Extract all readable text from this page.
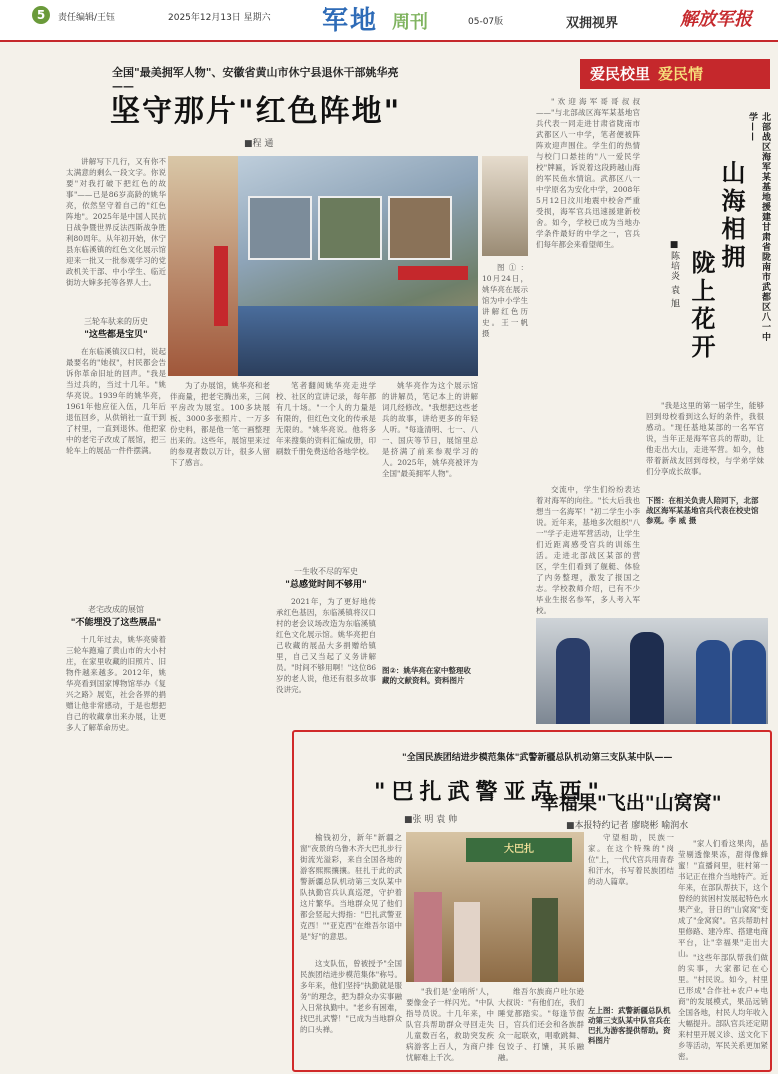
5	责任编辑/王钰	2025年12月13日 星期六 军地 周刊	05-07版	双拥视界	解放军报
全国"最美拥军人物"、安徽省黄山市休宁县退休干部姚华亮——
坚守那片"红色阵地"
■程 通

讲解写下几行，又有你不太满意的剩么一段文字。你说要"对我打破下把红色的故事"——已是86岁高龄的姚华亮，依然坚守着自己的"红色阵地"。2025年是中国人民抗日战争暨世界反法西斯战争胜利80周年。从年初开始，休宁县东临溪镇的红色文化展示馆迎来一批又一批参观学习的党政机关干部、中小学生、临近街坊大婶多托等各界人士。

三轮车驮来的历史
"这些都是宝贝"

在东临溪镇汉口村，说起最要名的"她叔"，村民都会告诉你革命旧址的回声。"我是当过兵的，当过十几年。"姚华亮说。1939年的姚华亮，1961年他应征入伍，几年后退伍回乡，从供销社一直干到了村里，一直到退休。他把家中的老宅子改成了展馆，把三轮车上的展品一件件摆满。

老宅改成的展馆
"不能埋没了这些展品"

十几年过去，姚华亮骑着三轮车跑遍了黄山市的大小村庄，在家里收藏的旧照片、旧物件越来越多。2012年，姚华亮看到国家博物馆举办《复兴之路》展览，社会各界的捐赠让他非常感动，于是也想把自己的收藏拿出来办展，让更多人了解革命历史。

为了办展馆，姚华亮和老伴商量，把老宅腾出来，三间平房改为展室。100多块展板、3000多张照片、一万多份史料，都是他一笔一画整理出来的。这些年，展馆里来过的参观者数以万计，很多人留下了感言。

笔者翻阅姚华亮走进学校、社区的宣讲记录，每年都有几十场。"一个人的力量是有限的，但红色文化的传承是无限的。"姚华亮说。他将多年来搜集的资料汇编成册，印刷数千册免费送给各地学校。

一生收不尽的军史
"总感觉时间不够用"

2021年，为了更好地传承红色基因，东临溪镇将汉口村的老会议场改造为东临溪镇红色文化展示馆。姚华亮把自己收藏的展品大多捐赠给镇里，自己又当起了义务讲解员。"时间不够用啊！"这位86岁的老人说，他还有很多故事没讲完。

姚华亮作为这个展示馆的讲解员，笔记本上的讲解词几经修改。"我想把这些老兵的故事，讲给更多的年轻人听。"每逢清明、七一、八一、国庆等节日，展馆里总是挤满了前来参观学习的人。2025年，姚华亮被评为全国"最美拥军人物"。

图①：10月24日，姚华亮在展示馆为中小学生讲解红色历史。王一帆 摄

图②：姚华亮在家中整理收藏的文献资料。资料图片
爱民校里 爱民情
北部战区海军某基地援建甘肃省陇南市武都区八一中学——
山海相拥
陇上花开
■陈培炎 袁 旭

"欢迎海军哥哥叔叔——"与北部战区海军某基地官兵代表一同走进甘肃省陇南市武都区八一中学，笔者便被阵阵欢迎声围住。学生们的热情与校门口悬挂的"八一爱民学校"牌匾，诉说着这段跨越山海的军民鱼水情谊。武都区八一中学原名为安化中学，2008年5月12日汶川地震中校舍严重受损，海军官兵迅速援建新校舍。如今，学校已成为当地办学条件最好的中学之一，官兵们每年都会来看望师生。

交流中，学生们纷纷表达着对海军的向往。"长大后我也想当一名海军！"初二学生小李说。近年来，基地多次组织"八一"学子走进军营活动，让学生们近距离感受官兵的训练生活。走进北部战区某部的营区，学生们看到了舰艇、体验了内务整理，激发了报国之志。学校教师介绍，已有不少毕业生报名参军，多人考入军校。

"我是这里的第一届学生，能够回到母校看到这么好的条件，我很感动。"现任基地某部的一名军官说，当年正是海军官兵的帮助，让他走出大山，走进军营。如今，他带着新战友回到母校，与学弟学妹们分享成长故事。

下图：在相关负责人陪同下，北部战区海军某基地官兵代表在校史馆参观。李 威 摄

"全国民族团结进步模范集体"武警新疆总队机动第三支队某中队——
"巴扎武警亚克西"
■张 明 袁 帅

榆钱初分，新年"新疆之窗"夜景的乌鲁木齐大巴扎步行街流光溢彩，来自全国各地的游客熙熙攘攘。驻扎于此的武警新疆总队机动第三支队某中队执勤官兵认真巡逻，守护着这片繁华。当地群众见了他们都会竖起大拇指："巴扎武警亚克西！""亚克西"在维吾尔语中是"好"的意思。

这支队伍，曾被授予"全国民族团结进步模范集体"称号。多年来，他们坚持"执勤就是服务"的理念，把为群众办实事融入日常执勤中。"老乡有困难，找巴扎武警！"已成为当地群众的口头禅。

大巴扎

"我们是'金哨所'人，要像金子一样闪光。"中队指导员说。十几年来，中队官兵帮助群众寻回走失儿童数百名，救助突发疾病游客上百人，为商户排忧解难上千次。

维吾尔族商户吐尔逊大叔说："有他们在，我们睡觉都踏实。"每逢节假日，官兵们还会和各族群众一起联欢，唱歌跳舞、包饺子、打馕，其乐融融。

守望相助，民族一家。在这个特殊的"岗位"上，一代代官兵用青春和汗水，书写着民族团结的动人篇章。

左上图：武警新疆总队机动第三支队某中队官兵在巴扎为游客提供帮助。资料图片
"幸福果"飞出"山窝窝"
■本报特约记者 廖晓彬 喻润水

"家人们看这果肉，晶莹剔透像果冻，甜得像蜂蜜！"直播间里，驻村第一书记正在推介当地特产。近年来，在部队帮扶下，这个曾经的贫困村发展起特色水果产业，昔日的"山窝窝"变成了"金窝窝"。官兵帮助村里修路、建冷库、搭建电商平台，让"幸福果"走出大山。 "这些年部队帮我们做的实事，大家都记在心里。"村民说。如今，村里已形成"合作社+农户+电商"的发展模式，果品远销全国各地，村民人均年收入大幅提升。部队官兵还定期来村里开展义诊、送文化下乡等活动，军民关系更加紧密。
